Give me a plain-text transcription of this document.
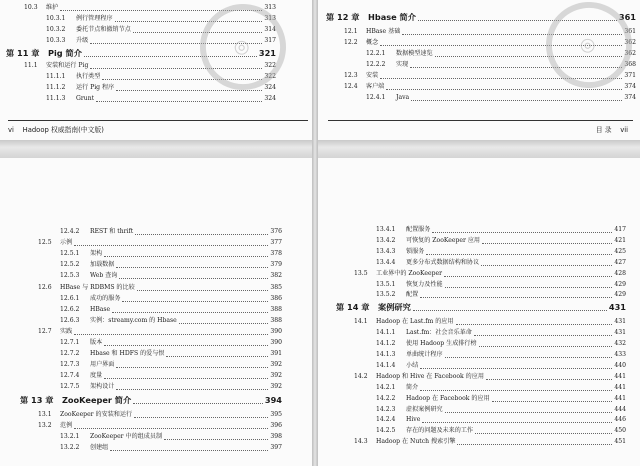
10.3 维护	313
10.3.1 例行管理程序	313
10.3.2 委托节点和撤销节点	314
10.3.3 升级	317
第 11 章 Pig 简介	321
11.1 安装和运行 Pig	322
11.1.1 执行类型	322
11.1.2 运行 Pig 程序	324
11.1.3 Grunt	324
vi Hadoop 权威指南(中文版)
◎
第 12 章 Hbase 简介	361
12.1 HBase 基础	361
12.2 概念	362
12.2.1 数据模型速览	362
12.2.2 实现	368
12.3 安装	371
12.4 客户端	374
12.4.1 Java	374
目 录 vii
◎
12.4.2 REST 和 thrift	376
12.5 示例	377
12.5.1 架构	378
12.5.2 加载数据	379
12.5.3 Web 查询	382
12.6 HBase 与 RDBMS 的比较	385
12.6.1 成功的服务	386
12.6.2 HBase	388
12.6.3 实例：streamy.com 的 Hbase	388
12.7 实践	390
12.7.1 版本	390
12.7.2 Hbase 和 HDFS 的爱与恨	391
12.7.3 用户界面	392
12.7.4 度量	392
12.7.5 架构设计	392
第 13 章 ZooKeeper 简介	394
13.1 ZooKeeper 的安装和运行	395
13.2 范例	396
13.2.1 ZooKeeper 中的组成员制	398
13.2.2 创建组	397
13.4.1 配置服务	417
13.4.2 可恢复的 ZooKeeper 应用	421
13.4.3 锁服务	425
13.4.4 更多分布式数据结构和协议	427
13.5 工业界中的 ZooKeeper	428
13.5.1 恢复力及性能	429
13.5.2 配置	429
第 14 章 案例研究	431
14.1 Hadoop 在 Last.fm 的应用	431
14.1.1 Last.fm：社会音乐革命	431
14.1.2 使用 Hadoop 生成排行榜	432
14.1.3 单曲统计程序	433
14.1.4 小结	440
14.2 Hadoop 和 Hive 在 Facebook 的应用	441
14.2.1 简介	441
14.2.2 Hadoop 在 Facebook 的应用	441
14.2.3 虚拟案例研究	444
14.2.4 Hive	446
14.2.5 存在的问题及未来的工作	450
14.3 Hadoop 在 Nutch 搜索引擎	451
